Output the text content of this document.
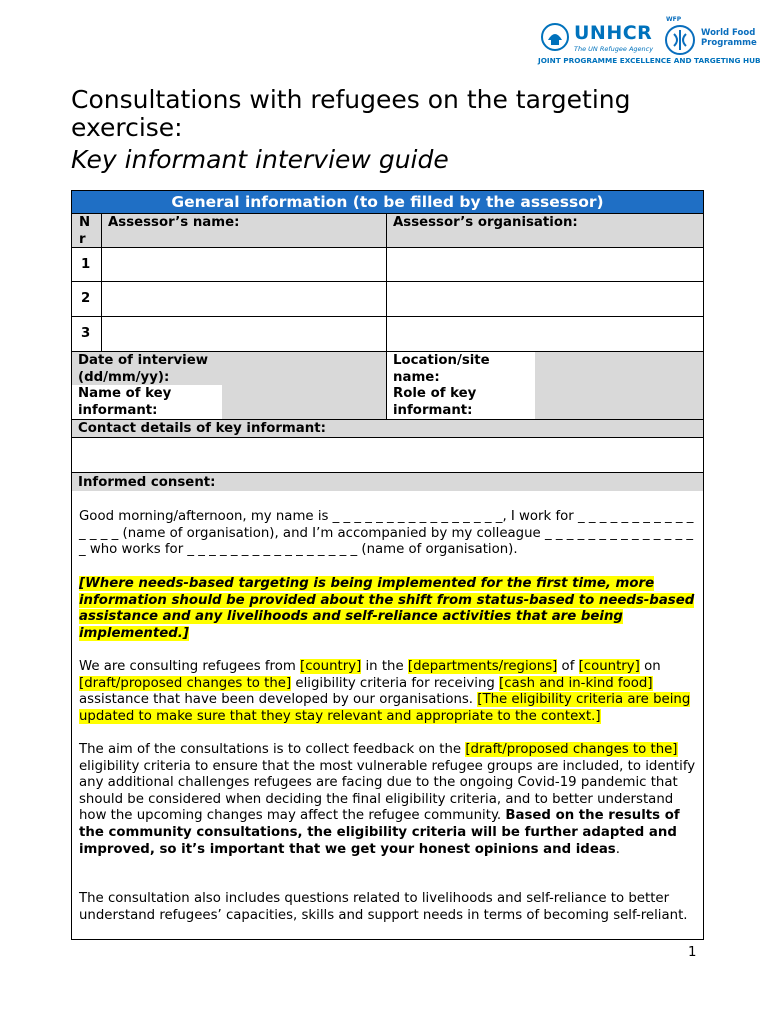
UNHCR
The UN Refugee Agency
WFP
World Food Programme
JOINT PROGRAMME EXCELLENCE AND TARGETING HUB
Consultations with refugees on the targeting exercise:
Key informant interview guide
General information (to be filled by the assessor)
N r
Assessor’s name:	Assessor’s organisation:
1
2
3
Date of interview (dd/mm/yy):
Location/site name:
Name of key informant:
Role of key informant:
Contact details of key informant:
Informed consent:
Good morning/afternoon, my name is _ _ _ _ _ _ _ _ _ _ _ _ _ _ _ _, I work for _ _ _ _ _ _ _ _ _ _ _ _ _ _ _ (name of organisation), and I’m accompanied by my colleague _ _ _ _ _ _ _ _ _ _ _ _ _ _ _ who works for _ _ _ _ _ _ _ _ _ _ _ _ _ _ _ _ (name of organisation).
[Where needs-based targeting is being implemented for the first time, more information should be provided about the shift from status-based to needs-based assistance and any livelihoods and self-reliance activities that are being implemented.]
We are consulting refugees from [country] in the [departments/regions] of [country] on [draft/proposed changes to the] eligibility criteria for receiving [cash and in-kind food] assistance that have been developed by our organisations. [The eligibility criteria are being updated to make sure that they stay relevant and appropriate to the context.]
The aim of the consultations is to collect feedback on the [draft/proposed changes to the] eligibility criteria to ensure that the most vulnerable refugee groups are included, to identify any additional challenges refugees are facing due to the ongoing Covid-19 pandemic that should be considered when deciding the final eligibility criteria, and to better understand how the upcoming changes may affect the refugee community. Based on the results of the community consultations, the eligibility criteria will be further adapted and improved, so it’s important that we get your honest opinions and ideas.
The consultation also includes questions related to livelihoods and self-reliance to better understand refugees’ capacities, skills and support needs in terms of becoming self-reliant.
1
